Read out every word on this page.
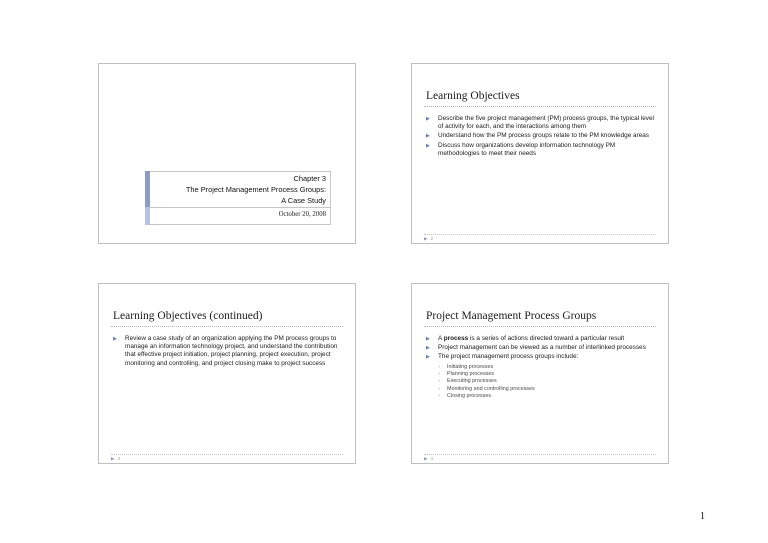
Chapter 3
The Project Management Process Groups:
A Case Study
October 20, 2008
Learning Objectives
▶ Describe the five project management (PM) process groups, the typical level of activity for each, and the interactions among them
▶ Understand how the PM process groups relate to the PM knowledge areas
▶ Discuss how organizations develop information technology PM methodologies to meet their needs
▶ 2
Learning Objectives (continued)
▶ Review a case study of an organization applying the PM process groups to manage an information technology project, and understand the contribution that effective project initiation, project planning, project execution, project monitoring and controlling, and project closing make to project success
▶ 3
Project Management Process Groups
▶ A process is a series of actions directed toward a particular result
▶ Project management can be viewed as a number of interlinked processes
▶ The project management process groups include:
› Initiating processes
› Planning processes
› Executing processes
› Monitoring and controlling processes
› Closing processes
▶ 4
1
